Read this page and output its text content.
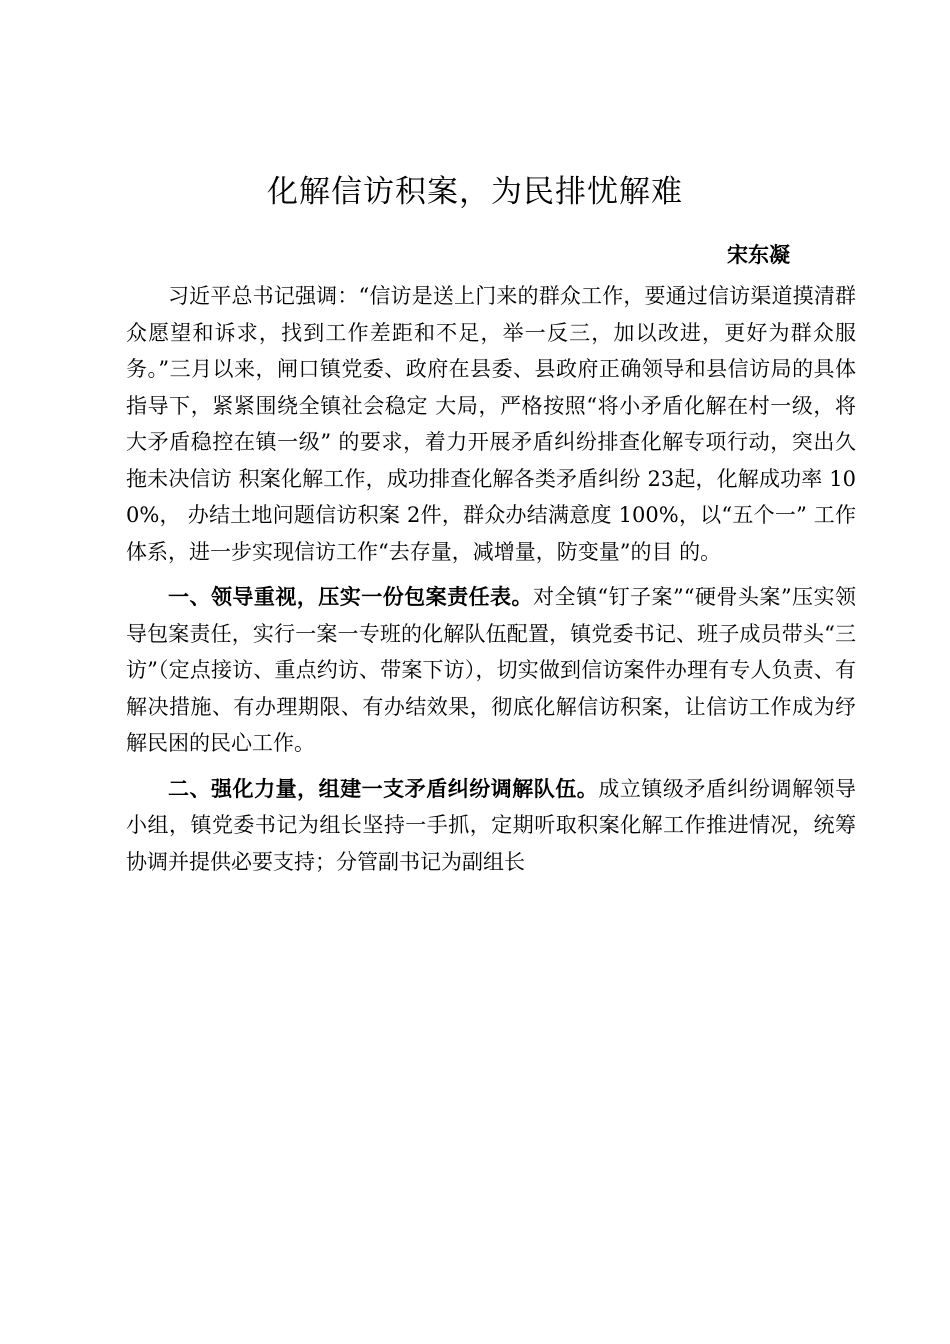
化解信访积案，为民排忧解难
宋东凝

习近平总书记强调：“信访是送上门来的群众工作，要通过信访渠道摸清群众愿望和诉求，找到工作差距和不足，举一反三，加以改进，更好为群众服务。”三月以来，闸口镇党委、政府在县委、县政府正确领导和县信访局的具体指导下，紧紧围绕全镇社会稳定 大局，严格按照“将小矛盾化解在村一级，将大矛盾稳控在镇一级” 的要求，着力开展矛盾纠纷排查化解专项行动，突出久拖未决信访 积案化解工作，成功排查化解各类矛盾纠纷 23起，化解成功率 100%， 办结土地问题信访积案 2件，群众办结满意度 100%，以“五个一” 工作体系，进一步实现信访工作“去存量，减增量，防变量”的目 的。

一、领导重视，压实一份包案责任表。对全镇“钉子案”“硬骨头案”压实领导包案责任，实行一案一专班的化解队伍配置，镇党委书记、班子成员带头“三访”（定点接访、重点约访、带案下访），切实做到信访案件办理有专人负责、有解决措施、有办理期限、有办结效果，彻底化解信访积案，让信访工作成为纾解民困的民心工作。

二、强化力量，组建一支矛盾纠纷调解队伍。成立镇级矛盾纠纷调解领导小组，镇党委书记为组长坚持一手抓，定期听取积案化解工作推进情况，统筹协调并提供必要支持；分管副书记为副组长
